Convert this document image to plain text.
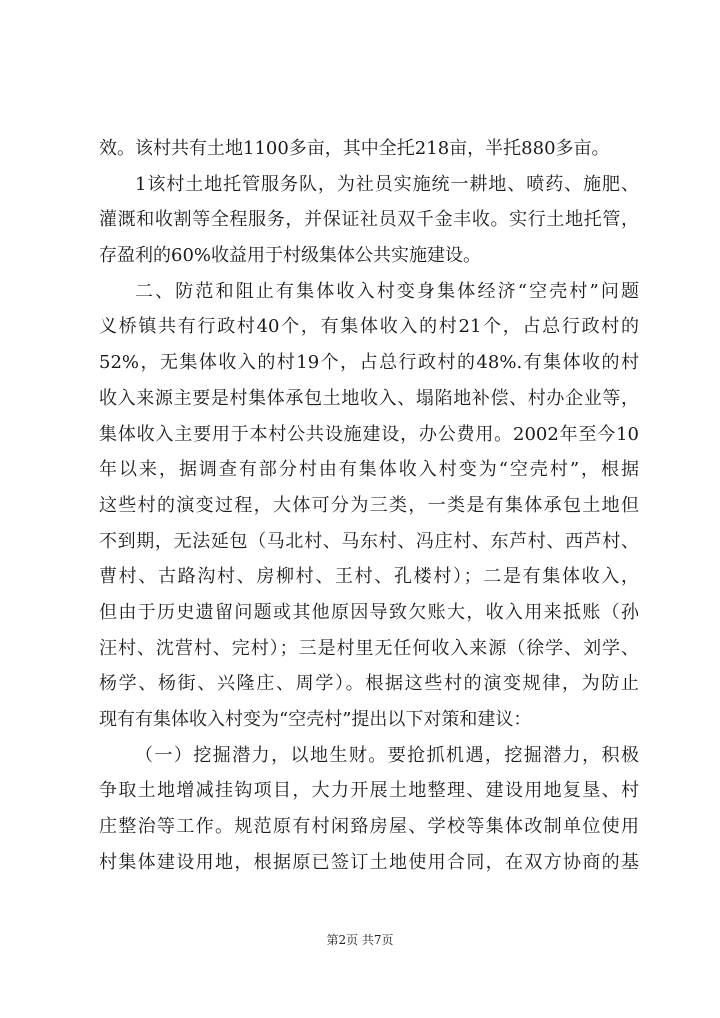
效。该村共有土地1100多亩，其中全托218亩，半托880多亩。
1该村土地托管服务队，为社员实施统一耕地、喷药、施肥、
灌溉和收割等全程服务，并保证社员双千金丰收。实行土地托管，
存盈利的60%收益用于村级集体公共实施建设。
二、防范和阻止有集体收入村变身集体经济“空壳村”问题
义桥镇共有行政村40个，有集体收入的村21个，占总行政村的
52%，无集体收入的村19个，占总行政村的48%.有集体收的村
收入来源主要是村集体承包土地收入、塌陷地补偿、村办企业等，
集体收入主要用于本村公共设施建设，办公费用。2002年至今10
年以来，据调查有部分村由有集体收入村变为“空壳村”，根据
这些村的演变过程，大体可分为三类，一类是有集体承包土地但
不到期，无法延包（马北村、马东村、冯庄村、东芦村、西芦村、
曹村、古路沟村、房柳村、王村、孔楼村）；二是有集体收入，
但由于历史遗留问题或其他原因导致欠账大，收入用来抵账（孙
汪村、沈营村、完村）；三是村里无任何收入来源（徐学、刘学、
杨学、杨街、兴隆庄、周学）。根据这些村的演变规律，为防止
现有有集体收入村变为“空壳村”提出以下对策和建议：
（一）挖掘潜力，以地生财。要抢抓机遇，挖掘潜力，积极
争取土地增减挂钩项目，大力开展土地整理、建设用地复垦、村
庄整治等工作。规范原有村闲臵房屋、学校等集体改制单位使用
村集体建设用地，根据原已签订土地使用合同，在双方协商的基
第2页 共7页
